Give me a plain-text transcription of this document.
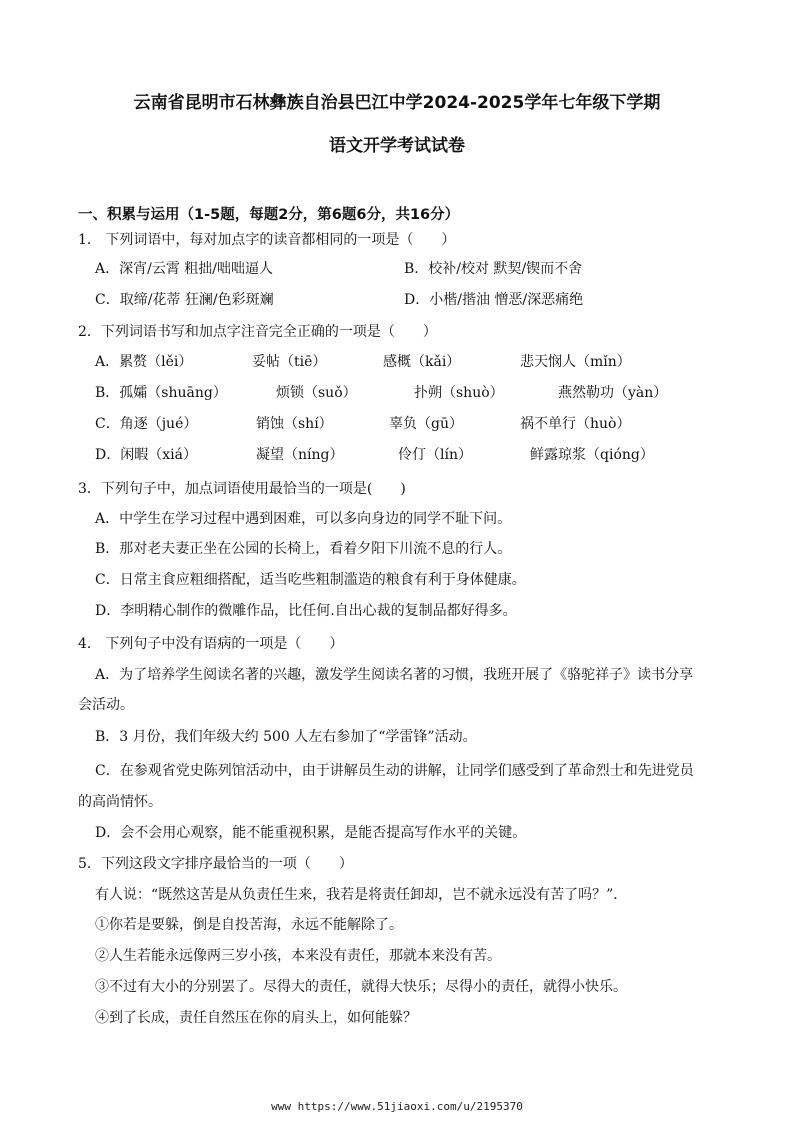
云南省昆明市石林彝族自治县巴江中学2024-2025学年七年级下学期
语文开学考试试卷
一、积累与运用（1-5题，每题2分，第6题6分，共16分）
1． 下列词语中，每对加点字的读音都相同的一项是（　　）
A．深宵/云霄 粗拙/咄咄逼人	B．校补/校对 默契/锲而不舍
C．取缔/花蒂 狂澜/色彩斑斓	D．小楷/揩油 憎恶/深恶痛绝
2．下列词语书写和加点字注音完全正确的一项是（　　）
A．累赘（lěi）	妥帖（tiē）	感概（kǎi）	悲天悯人（mǐn）
B．孤孀（shuāng）	烦锁（suǒ）	扑朔（shuò）	燕然勒功（yàn）
C．角逐（jué）	销蚀（shí）	辜负（gū）	祸不单行（huò）
D．闲暇（xiá）	凝望（níng）	伶仃（lín）	鲜露琼浆（qióng）
3．下列句子中，加点词语使用最恰当的一项是(　　)
A．中学生在学习过程中遇到困难，可以多向身边的同学不耻下问。
B．那对老夫妻正坐在公园的长椅上，看着夕阳下川流不息的行人。
C．日常主食应粗细搭配，适当吃些粗制滥造的粮食有利于身体健康。
D．李明精心制作的微雕作品，比任何.自出心裁的复制品都好得多。
4． 下列句子中没有语病的一项是（　　）
A．为了培养学生阅读名著的兴趣，激发学生阅读名著的习惯，我班开展了《骆驼祥子》读书分享
会活动。
B．3 月份，我们年级大约 500 人左右参加了“学雷锋”活动。
C．在参观省党史陈列馆活动中，由于讲解员生动的讲解，让同学们感受到了革命烈士和先进党员
的高尚情怀。
D．会不会用心观察，能不能重视积累，是能否提高写作水平的关键。
5．下列这段文字排序最恰当的一项（　　）
有人说：“既然这苦是从负责任生来，我若是将责任卸却，岂不就永远没有苦了吗？”.
①你若是要躲，倒是自投苦海，永远不能解除了。
②人生若能永远像两三岁小孩，本来没有责任，那就本来没有苦。
③不过有大小的分别罢了。尽得大的责任，就得大快乐；尽得小的责任，就得小快乐。
④到了长成，责任自然压在你的肩头上，如何能躲？
www https://www.51jiaoxi.com/u/2195370
